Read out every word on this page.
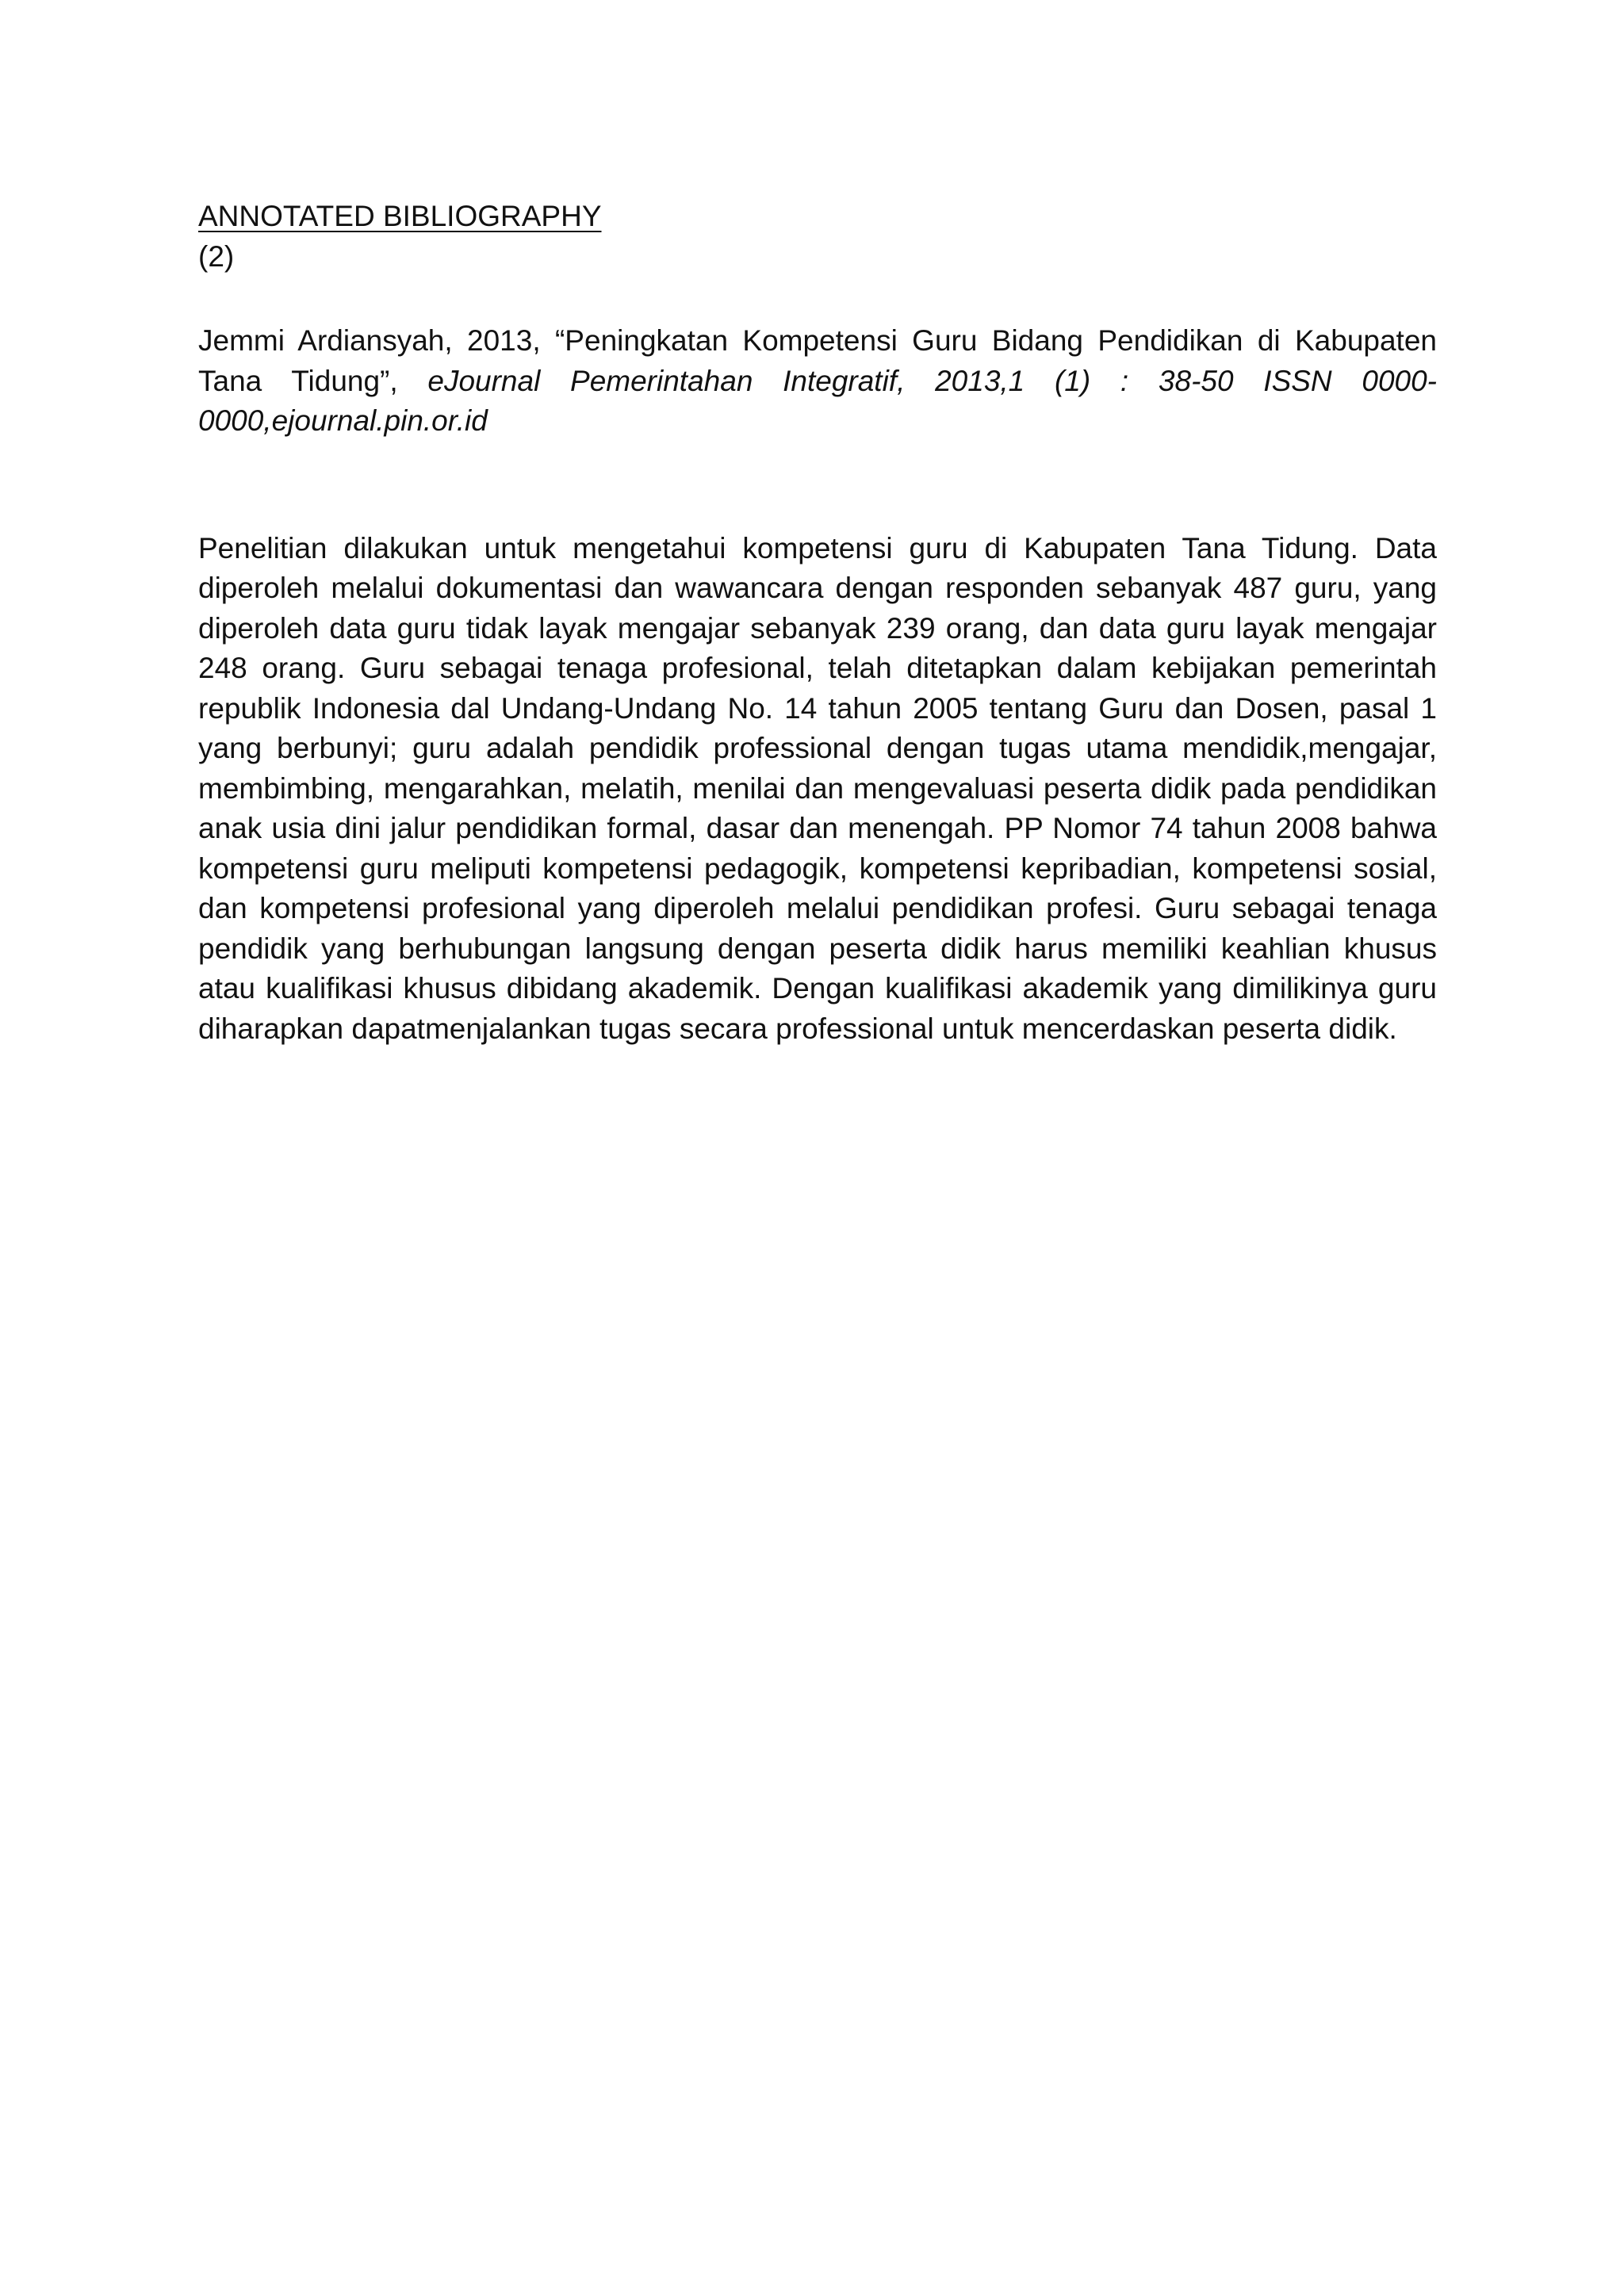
ANNOTATED BIBLIOGRAPHY

(2)

Jemmi Ardiansyah, 2013, “Peningkatan Kompetensi Guru Bidang Pendidikan di Kabupaten Tana Tidung”, eJournal Pemerintahan Integratif, 2013,1 (1) : 38-50 ISSN 0000-0000,ejournal.pin.or.id

Penelitian dilakukan untuk mengetahui kompetensi guru di Kabupaten Tana Tidung. Data diperoleh melalui dokumentasi dan wawancara dengan responden sebanyak 487 guru, yang diperoleh data guru tidak layak mengajar sebanyak 239 orang, dan data guru layak mengajar 248 orang. Guru sebagai tenaga profesional, telah ditetapkan dalam kebijakan pemerintah republik Indonesia dal Undang-Undang No. 14 tahun 2005 tentang Guru dan Dosen, pasal 1 yang berbunyi; guru adalah pendidik professional dengan tugas utama mendidik,mengajar, membimbing, mengarahkan, melatih, menilai dan mengevaluasi peserta didik pada pendidikan anak usia dini jalur pendidikan formal, dasar dan menengah. PP Nomor 74 tahun 2008 bahwa kompetensi guru meliputi kompetensi pedagogik, kompetensi kepribadian, kompetensi sosial, dan kompetensi profesional yang diperoleh melalui pendidikan profesi. Guru sebagai tenaga pendidik yang berhubungan langsung dengan peserta didik harus memiliki keahlian khusus atau kualifikasi khusus dibidang akademik. Dengan kualifikasi akademik yang dimilikinya guru diharapkan dapatmenjalankan tugas secara professional untuk mencerdaskan peserta didik.
